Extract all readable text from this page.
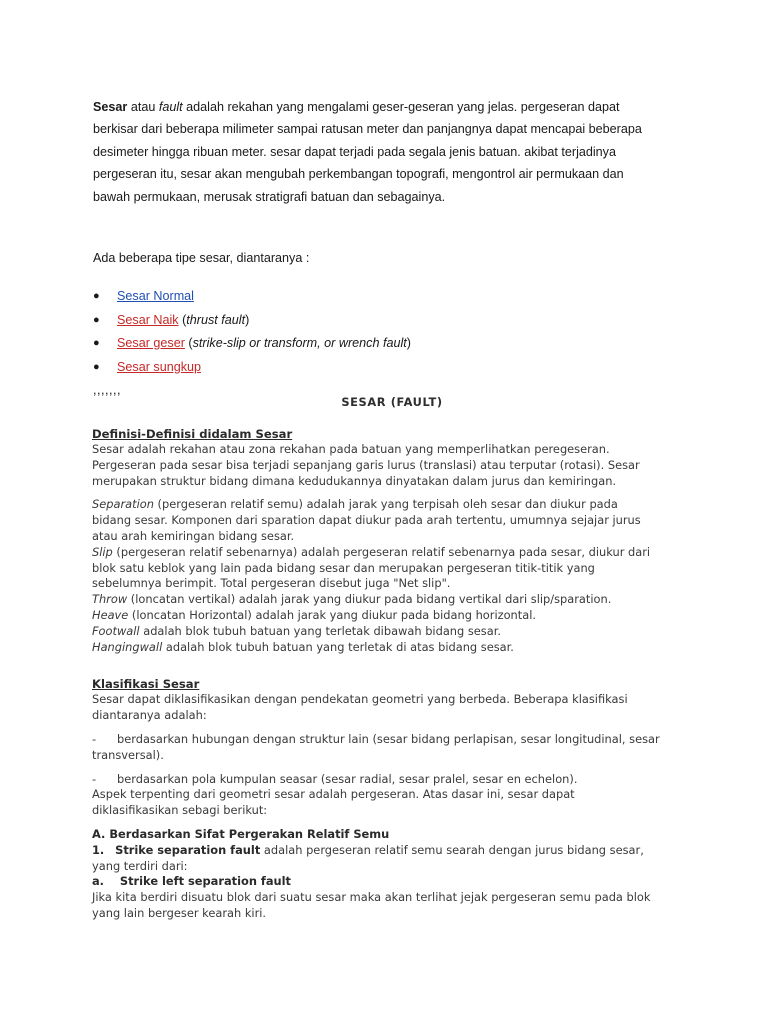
Sesar atau fault adalah rekahan yang mengalami geser-geseran yang jelas. pergeseran dapat

berkisar dari beberapa milimeter sampai ratusan meter dan panjangnya dapat mencapai beberapa

desimeter hingga ribuan meter. sesar dapat terjadi pada segala jenis batuan. akibat terjadinya

pergeseran itu, sesar akan mengubah perkembangan topografi, mengontrol air permukaan dan

bawah permukaan, merusak stratigrafi batuan dan sebagainya.

Ada beberapa tipe sesar, diantaranya :

● Sesar Normal
● Sesar Naik (thrust fault)
● Sesar geser (strike-slip or transform, or wrench fault)
● Sesar sungkup

,,,,,,,

SESAR (FAULT)

Definisi-Definisi didalam Sesar

Sesar adalah rekahan atau zona rekahan pada batuan yang memperlihatkan peregeseran.

Pergeseran pada sesar bisa terjadi sepanjang garis lurus (translasi) atau terputar (rotasi). Sesar

merupakan struktur bidang dimana kedudukannya dinyatakan dalam jurus dan kemiringan.

Separation (pergeseran relatif semu) adalah jarak yang terpisah oleh sesar dan diukur pada

bidang sesar. Komponen dari sparation dapat diukur pada arah tertentu, umumnya sejajar jurus

atau arah kemiringan bidang sesar.

Slip (pergeseran relatif sebenarnya) adalah pergeseran relatif sebenarnya pada sesar, diukur dari

blok satu keblok yang lain pada bidang sesar dan merupakan pergeseran titik-titik yang

sebelumnya berimpit. Total pergeseran disebut juga "Net slip".

Throw (loncatan vertikal) adalah jarak yang diukur pada bidang vertikal dari slip/sparation.

Heave (loncatan Horizontal) adalah jarak yang diukur pada bidang horizontal.

Footwall adalah blok tubuh batuan yang terletak dibawah bidang sesar.

Hangingwall adalah blok tubuh batuan yang terletak di atas bidang sesar.

Klasifikasi Sesar

Sesar dapat diklasifikasikan dengan pendekatan geometri yang berbeda. Beberapa klasifikasi

diantaranya adalah:

- berdasarkan hubungan dengan struktur lain (sesar bidang perlapisan, sesar longitudinal, sesar

transversal).

- berdasarkan pola kumpulan seasar (sesar radial, sesar pralel, sesar en echelon).

Aspek terpenting dari geometri sesar adalah pergeseran. Atas dasar ini, sesar dapat

diklasifikasikan sebagi berikut:

A. Berdasarkan Sifat Pergerakan Relatif Semu

1. Strike separation fault adalah pergeseran relatif semu searah dengan jurus bidang sesar,

yang terdiri dari:

a.    Strike left separation fault

Jika kita berdiri disuatu blok dari suatu sesar maka akan terlihat jejak pergeseran semu pada blok

yang lain bergeser kearah kiri.
